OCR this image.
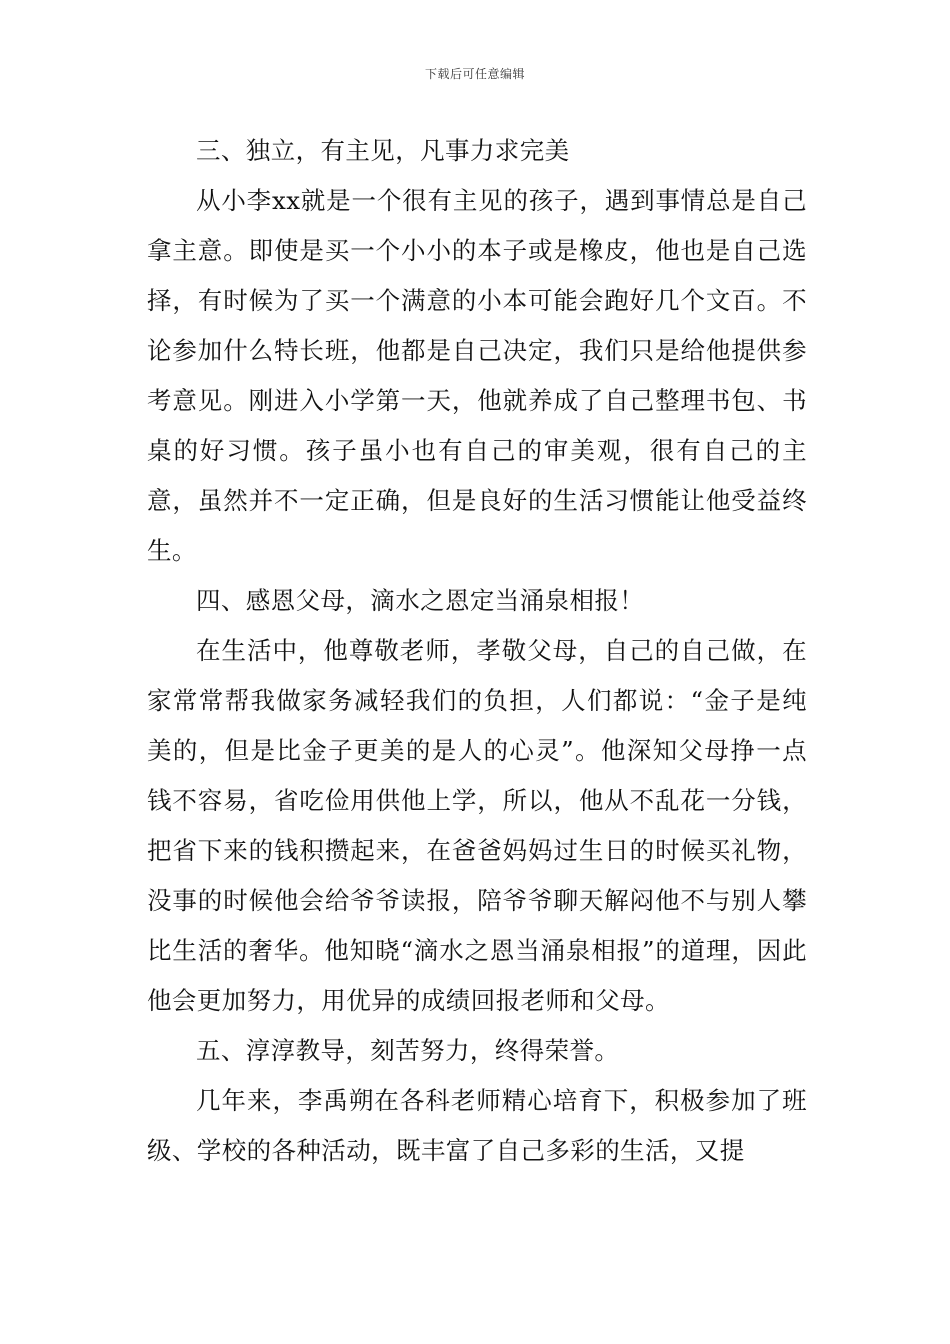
下载后可任意编辑

三、独立，有主见，凡事力求完美

从小李xx就是一个很有主见的孩子，遇到事情总是自己拿主意。即使是买一个小小的本子或是橡皮，他也是自己选择，有时候为了买一个满意的小本可能会跑好几个文百。不论参加什么特长班，他都是自己决定，我们只是给他提供参考意见。刚进入小学第一天，他就养成了自己整理书包、书桌的好习惯。孩子虽小也有自己的审美观，很有自己的主意，虽然并不一定正确，但是良好的生活习惯能让他受益终生。

四、感恩父母，滴水之恩定当涌泉相报！

在生活中，他尊敬老师，孝敬父母，自己的自己做，在家常常帮我做家务减轻我们的负担，人们都说：“金子是纯美的，但是比金子更美的是人的心灵”。他深知父母挣一点钱不容易，省吃俭用供他上学，所以，他从不乱花一分钱，把省下来的钱积攒起来，在爸爸妈妈过生日的时候买礼物，没事的时候他会给爷爷读报，陪爷爷聊天解闷他不与别人攀比生活的奢华。他知晓“滴水之恩当涌泉相报”的道理，因此他会更加努力，用优异的成绩回报老师和父母。

五、淳淳教导，刻苦努力，终得荣誉。

几年来，李禹朔在各科老师精心培育下，积极参加了班级、学校的各种活动，既丰富了自己多彩的生活，又提
